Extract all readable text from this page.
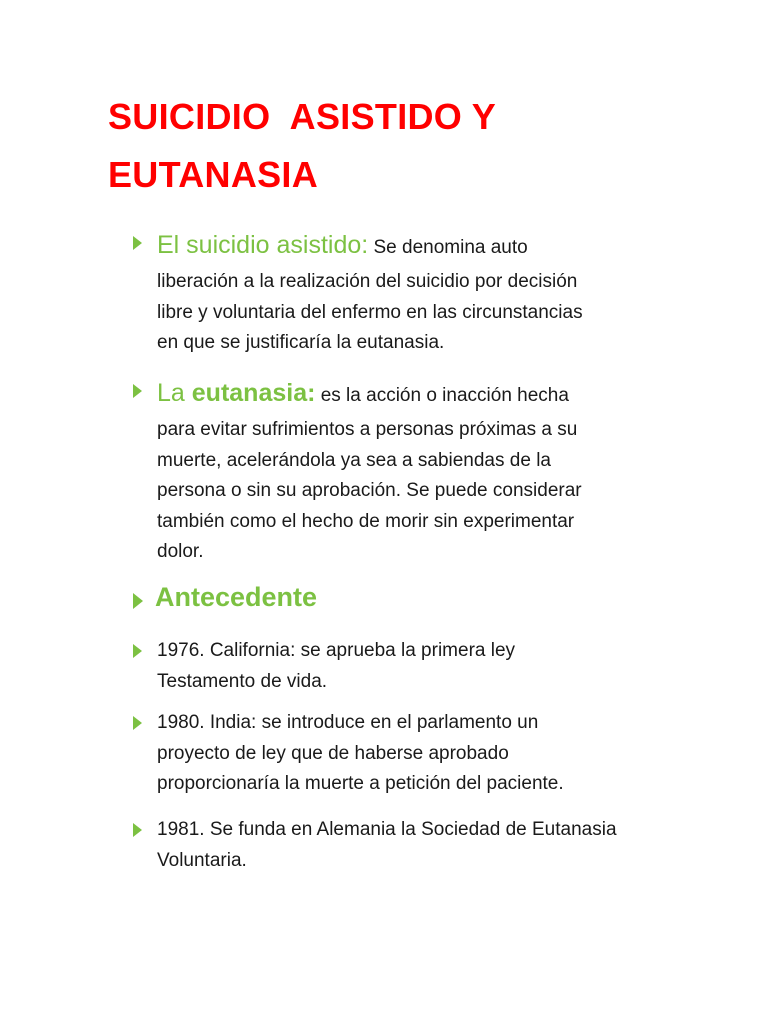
SUICIDIO  ASISTIDO Y
EUTANASIA
El suicidio asistido: Se denomina auto
liberación a la realización del suicidio por decisión
libre y voluntaria del enfermo en las circunstancias
en que se justificaría la eutanasia.
La eutanasia: es la acción o inacción hecha
para evitar sufrimientos a personas próximas a su
muerte, acelerándola ya sea a sabiendas de la
persona o sin su aprobación. Se puede considerar
también como el hecho de morir sin experimentar
dolor.
Antecedente
1976. California: se aprueba la primera ley
Testamento de vida.
1980. India: se introduce en el parlamento un
proyecto de ley que de haberse aprobado
proporcionaría la muerte a petición del paciente.
1981. Se funda en Alemania la Sociedad de Eutanasia
Voluntaria.
